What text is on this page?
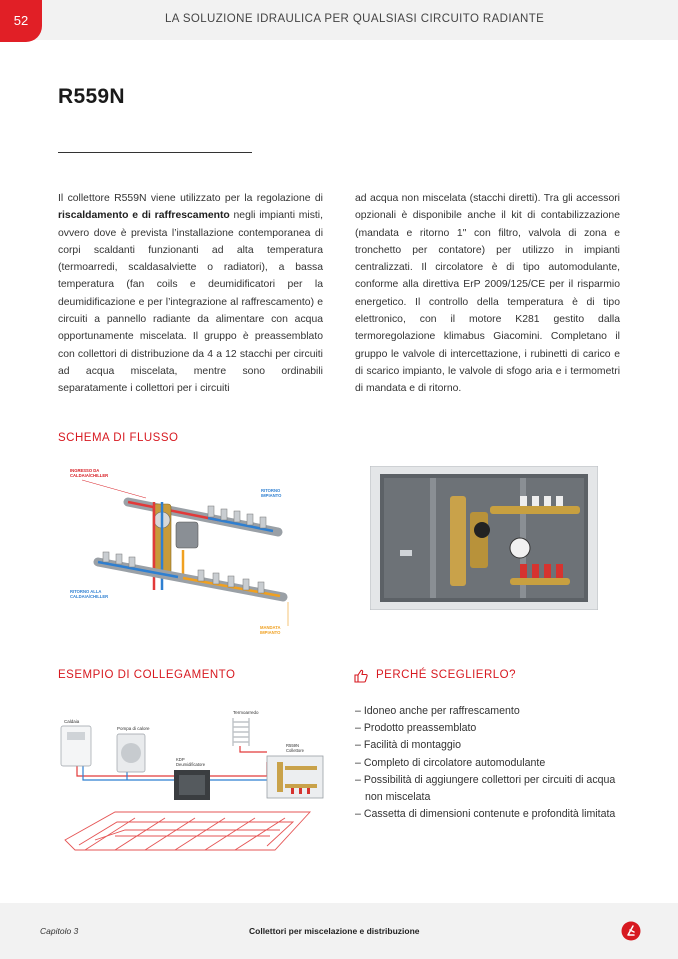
52	LA SOLUZIONE IDRAULICA PER QUALSIASI CIRCUITO RADIANTE
R559N
Il collettore R559N viene utilizzato per la regolazione di riscaldamento e di raffrescamento negli impianti misti, ovvero dove è prevista l’installazione contemporanea di corpi scaldanti funzionanti ad alta temperatura (termoarredi, scaldasalviette o radiatori), a bassa temperatura (fan coils e deumidificatori per la deumidificazione e per l’integrazione al raffrescamento) e circuiti a pannello radiante da alimentare con acqua opportunamente miscelata. Il gruppo è preassemblato con collettori di distribuzione da 4 a 12 stacchi per circuiti ad acqua miscelata, mentre sono ordinabili separatamente i collettori per i circuiti
ad acqua non miscelata (stacchi diretti). Tra gli accessori opzionali è disponibile anche il kit di contabilizzazione (mandata e ritorno 1" con filtro, valvola di zona e tronchetto per contatore) per utilizzo in impianti centralizzati. Il circolatore è di tipo automodulante, conforme alla direttiva ErP 2009/125/CE per il risparmio energetico. Il controllo della temperatura è di tipo elettronico, con il motore K281 gestito dalla termoregolazione klimabus Giacomini. Completano il gruppo le valvole di intercettazione, i rubinetti di carico e di scarico impianto, le valvole di sfogo aria e i termometri di mandata e di ritorno.
SCHEMA DI FLUSSO
INGRESSO DA
CALDAIA/CHILLER
RITORNO
IMPIANTO
RITORNO ALLA
CALDAIA/CHILLER
MANDATA
IMPIANTO
ESEMPIO DI COLLEGAMENTO
Caldaia
Pompa di calore
KDP
Deumidificatore
Termoarredo
R559N
Collettore
PERCHÉ SCEGLIERLO?
– Idoneo anche per raffrescamento
– Prodotto preassemblato
– Facilità di montaggio
– Completo di circolatore automodulante
– Possibilità di aggiungere collettori per circuiti di acqua non miscelata
– Cassetta di dimensioni contenute e profondità limitata
Capitolo 3	Collettori per miscelazione e distribuzione
